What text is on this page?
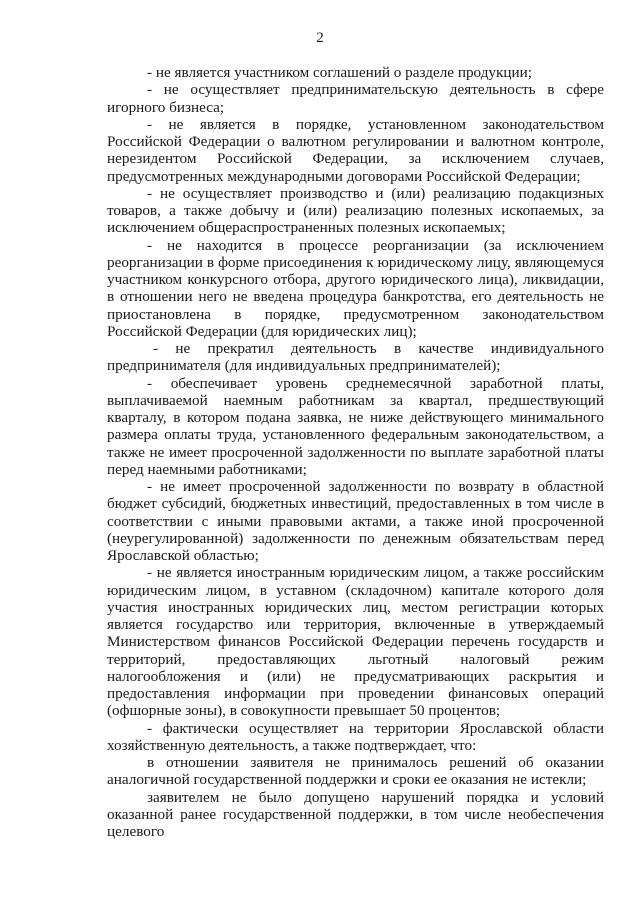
2

- не является участником соглашений о разделе продукции;

- не осуществляет предпринимательскую деятельность в сфере игорного бизнеса;

- не является в порядке, установленном законодательством Российской Федерации о валютном регулировании и валютном контроле, нерезидентом Российской Федерации, за исключением случаев, предусмотренных международными договорами Российской Федерации;

- не осуществляет производство и (или) реализацию подакцизных товаров, а также добычу и (или) реализацию полезных ископаемых, за исключением общераспространенных полезных ископаемых;

- не находится в процессе реорганизации (за исключением реорганизации в форме присоединения к юридическому лицу, являющемуся участником конкурсного отбора, другого юридического лица), ликвидации, в отношении него не введена процедура банкротства, его деятельность не приостановлена в порядке, предусмотренном законодательством Российской Федерации (для юридических лиц);

- не прекратил деятельность в качестве индивидуального предпринимателя (для индивидуальных предпринимателей);

- обеспечивает уровень среднемесячной заработной платы, выплачиваемой наемным работникам за квартал, предшествующий кварталу, в котором подана заявка, не ниже действующего минимального размера оплаты труда, установленного федеральным законодательством, а также не имеет просроченной задолженности по выплате заработной платы перед наемными работниками;

- не имеет просроченной задолженности по возврату в областной бюджет субсидий, бюджетных инвестиций, предоставленных в том числе в соответствии с иными правовыми актами, а также иной просроченной (неурегулированной) задолженности по денежным обязательствам перед Ярославской областью;

- не является иностранным юридическим лицом, а также российским юридическим лицом, в уставном (складочном) капитале которого доля участия иностранных юридических лиц, местом регистрации которых является государство или территория, включенные в утверждаемый Министерством финансов Российской Федерации перечень государств и территорий, предоставляющих льготный налоговый режим налогообложения и (или) не предусматривающих раскрытия и предоставления информации при проведении финансовых операций (офшорные зоны), в совокупности превышает 50 процентов;

- фактически осуществляет на территории Ярославской области хозяйственную деятельность, а также подтверждает, что:

в отношении заявителя не принималось решений об оказании аналогичной государственной поддержки и сроки ее оказания не истекли;

заявителем не было допущено нарушений порядка и условий оказанной ранее государственной поддержки, в том числе необеспечения целевого
